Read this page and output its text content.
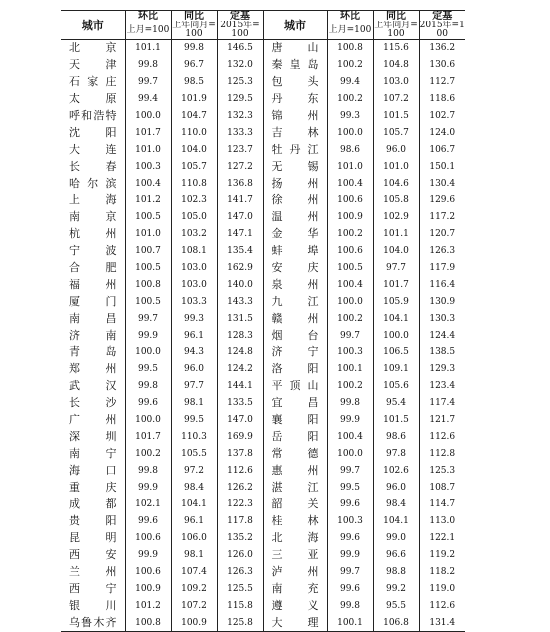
城市	环比	同比	定基	城市	环比	同比	定基
	上月=100	上年同月=100	2015年=100		上月=100	上年同月=100	2015年=100
北京	101.1	99.8	146.5	唐山	100.8	115.6	136.2
天津	99.8	96.7	132.0	秦皇岛	100.2	104.8	130.6
石家庄	99.7	98.5	125.3	包头	99.4	103.0	112.7
太原	99.4	101.9	129.5	丹东	100.2	107.2	118.6
呼和浩特	100.0	104.7	132.3	锦州	99.3	101.5	102.7
沈阳	101.7	110.0	133.3	吉林	100.0	105.7	124.0
大连	101.0	104.0	123.7	牡丹江	98.6	96.0	106.7
长春	100.3	105.7	127.2	无锡	101.0	101.0	150.1
哈尔滨	100.4	110.8	136.8	扬州	100.4	104.6	130.4
上海	101.2	102.3	141.7	徐州	100.6	105.8	129.6
南京	100.5	105.0	147.0	温州	100.9	102.9	117.2
杭州	101.0	103.2	147.1	金华	100.2	101.1	120.7
宁波	100.7	108.1	135.4	蚌埠	100.6	104.0	126.3
合肥	100.5	103.0	162.9	安庆	100.5	97.7	117.9
福州	100.8	103.0	140.0	泉州	100.4	101.7	116.4
厦门	100.5	103.3	143.3	九江	100.0	105.9	130.9
南昌	99.7	99.3	131.5	赣州	100.2	104.1	130.3
济南	99.9	96.1	128.3	烟台	99.7	100.0	124.4
青岛	100.0	94.3	124.8	济宁	100.3	106.5	138.5
郑州	99.5	96.0	124.2	洛阳	100.1	109.1	129.3
武汉	99.8	97.7	144.1	平顶山	100.2	105.6	123.4
长沙	99.6	98.1	133.5	宜昌	99.8	95.4	117.4
广州	100.0	99.5	147.0	襄阳	99.9	101.5	121.7
深圳	101.7	110.3	169.9	岳阳	100.4	98.6	112.6
南宁	100.2	105.5	137.8	常德	100.0	97.8	112.8
海口	99.8	97.2	112.6	惠州	99.7	102.6	125.3
重庆	99.9	98.4	126.2	湛江	99.5	96.0	108.7
成都	102.1	104.1	122.3	韶关	99.6	98.4	114.7
贵阳	99.6	96.1	117.8	桂林	100.3	104.1	113.0
昆明	100.6	106.0	135.2	北海	99.6	99.0	122.1
西安	99.9	98.1	126.0	三亚	99.9	96.6	119.2
兰州	100.6	107.4	126.3	泸州	99.7	98.8	118.2
西宁	100.9	109.2	125.5	南充	99.6	99.2	119.0
银川	101.2	107.2	115.8	遵义	99.8	95.5	112.6
乌鲁木齐	100.8	100.9	125.8	大理	100.1	106.8	131.4
